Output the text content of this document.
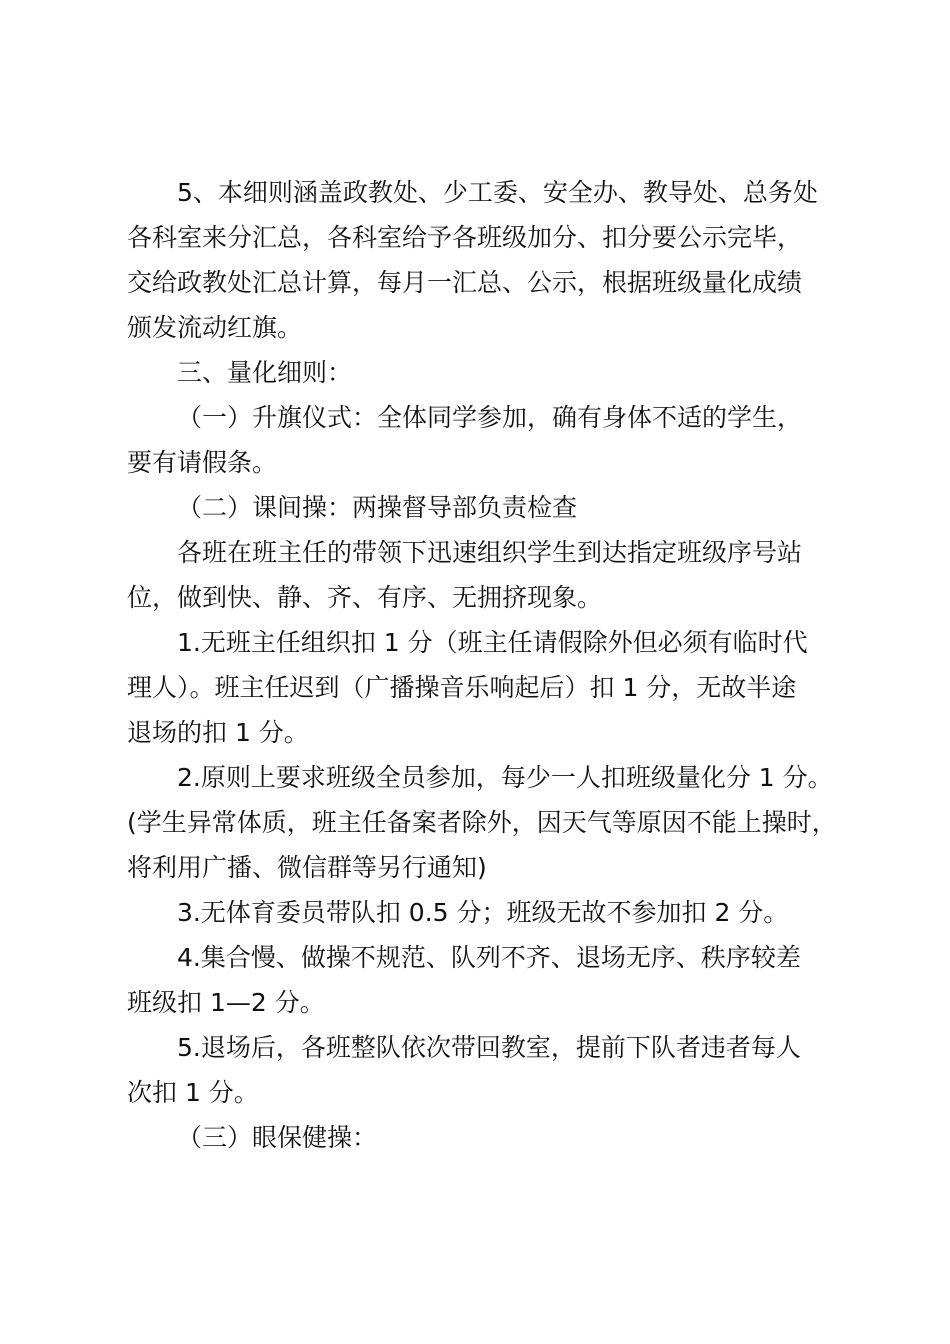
5、本细则涵盖政教处、少工委、安全办、教导处、总务处
各科室来分汇总，各科室给予各班级加分、扣分要公示完毕，
交给政教处汇总计算，每月一汇总、公示，根据班级量化成绩
颁发流动红旗。
三、量化细则：
（一）升旗仪式：全体同学参加，确有身体不适的学生，
要有请假条。
（二）课间操：两操督导部负责检查
各班在班主任的带领下迅速组织学生到达指定班级序号站
位，做到快、静、齐、有序、无拥挤现象。
1.无班主任组织扣 1 分（班主任请假除外但必须有临时代
理人）。班主任迟到（广播操音乐响起后）扣 1 分，无故半途
退场的扣 1 分。
2.原则上要求班级全员参加，每少一人扣班级量化分 1 分。
(学生异常体质，班主任备案者除外，因天气等原因不能上操时，
将利用广播、微信群等另行通知)
3.无体育委员带队扣 0.5 分；班级无故不参加扣 2 分。
4.集合慢、做操不规范、队列不齐、退场无序、秩序较差
班级扣 1—2 分。
5.退场后，各班整队依次带回教室，提前下队者违者每人
次扣 1 分。
（三）眼保健操：
